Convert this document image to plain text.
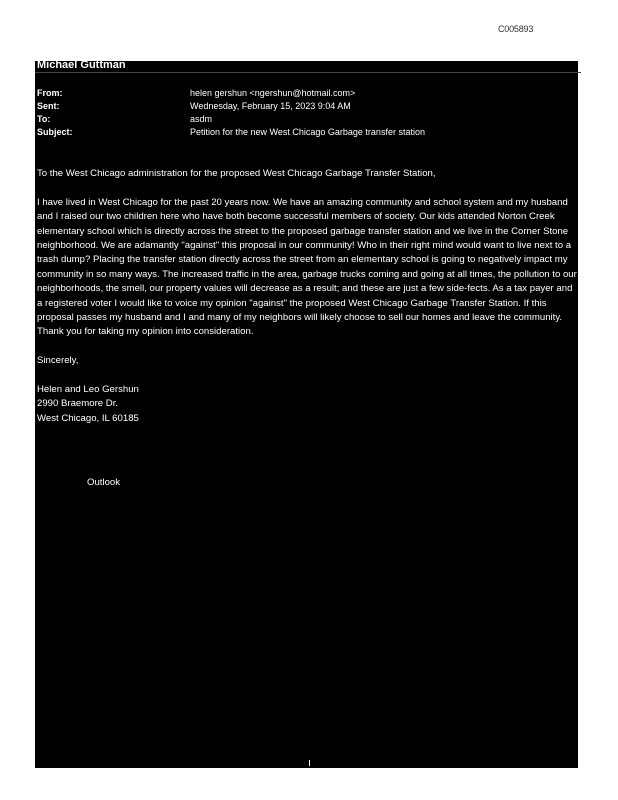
C005893
Michael Guttman
From:	helen gershun <ngershun@hotmail.com>
Sent:	Wednesday, February 15, 2023 9:04 AM
To:	asdm
Subject:	Petition for the new West Chicago Garbage transfer station

To the West Chicago administration for the proposed West Chicago Garbage Transfer Station,

I have lived in West Chicago for the past 20 years now. We have an amazing community and school system and my husband and I raised our two children here who have both become successful members of society. Our kids attended Norton Creek elementary school which is directly across the street to the proposed garbage transfer station and we live in the Corner Stone neighborhood. We are adamantly "against" this proposal in our community! Who in their right mind would want to live next to a trash dump? Placing the transfer station directly across the street from an elementary school is going to negatively impact my community in so many ways. The increased traffic in the area, garbage trucks coming and going at all times, the pollution to our neighborhoods, the smell, our property values will decrease as a result; and these are just a few side-fects. As a tax payer and a registered voter I would like to voice my opinion "against" the proposed West Chicago Garbage Transfer Station. If this proposal passes my husband and I and many of my neighbors will likely choose to sell our homes and leave the community. Thank you for taking my opinion into consideration.

Sincerely,

Helen and Leo Gershun

2990 Braemore Dr.

West Chicago, IL 60185

Outlook
